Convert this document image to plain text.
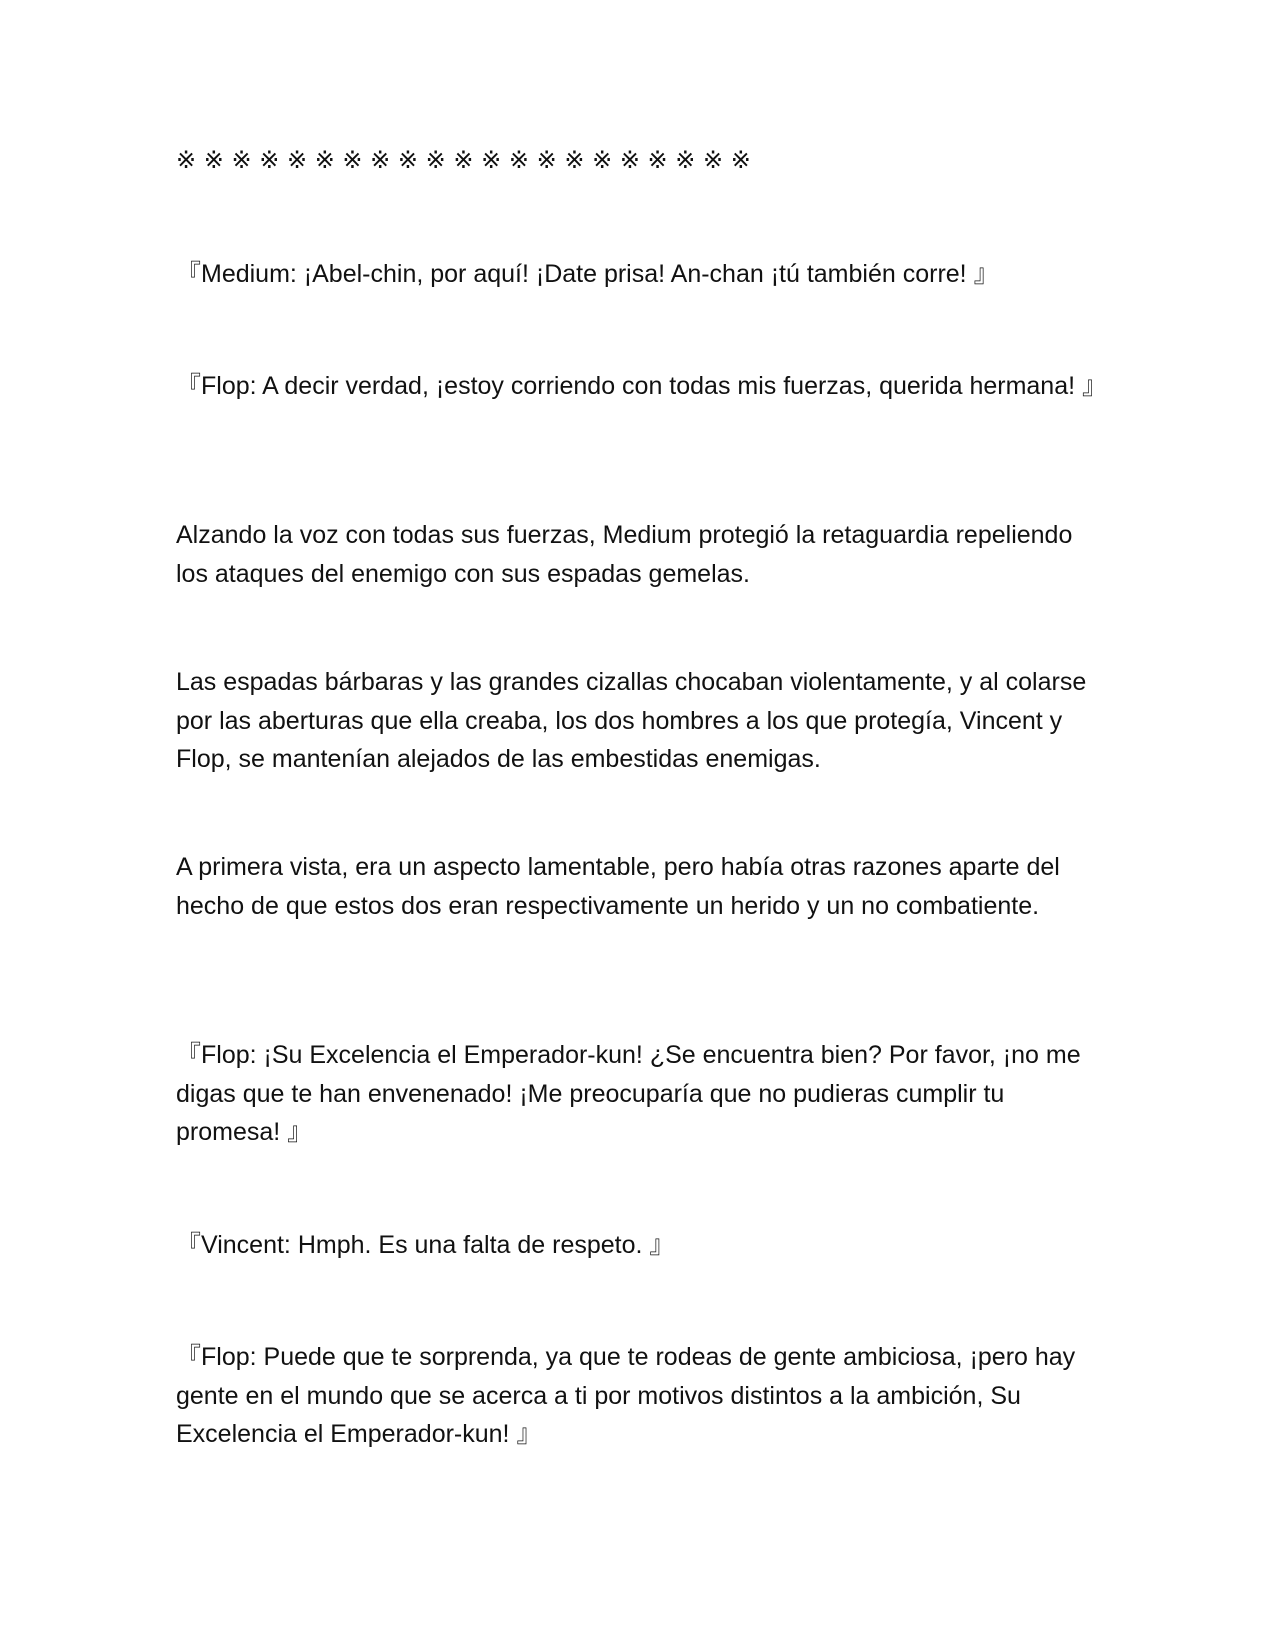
※ ※ ※ ※ ※ ※ ※ ※ ※ ※ ※ ※ ※ ※ ※ ※ ※ ※ ※ ※ ※

『Medium: ¡Abel-chin, por aquí! ¡Date prisa! An-chan ¡tú también corre! 』

『Flop: A decir verdad, ¡estoy corriendo con todas mis fuerzas, querida hermana! 』

Alzando la voz con todas sus fuerzas, Medium protegió la retaguardia repeliendo los ataques del enemigo con sus espadas gemelas.

Las espadas bárbaras y las grandes cizallas chocaban violentamente, y al colarse por las aberturas que ella creaba, los dos hombres a los que protegía, Vincent y Flop, se mantenían alejados de las embestidas enemigas.

A primera vista, era un aspecto lamentable, pero había otras razones aparte del hecho de que estos dos eran respectivamente un herido y un no combatiente.

『Flop: ¡Su Excelencia el Emperador-kun! ¿Se encuentra bien? Por favor, ¡no me digas que te han envenenado! ¡Me preocuparía que no pudieras cumplir tu promesa! 』

『Vincent: Hmph. Es una falta de respeto. 』

『Flop: Puede que te sorprenda, ya que te rodeas de gente ambiciosa, ¡pero hay gente en el mundo que se acerca a ti por motivos distintos a la ambición, Su Excelencia el Emperador-kun! 』
